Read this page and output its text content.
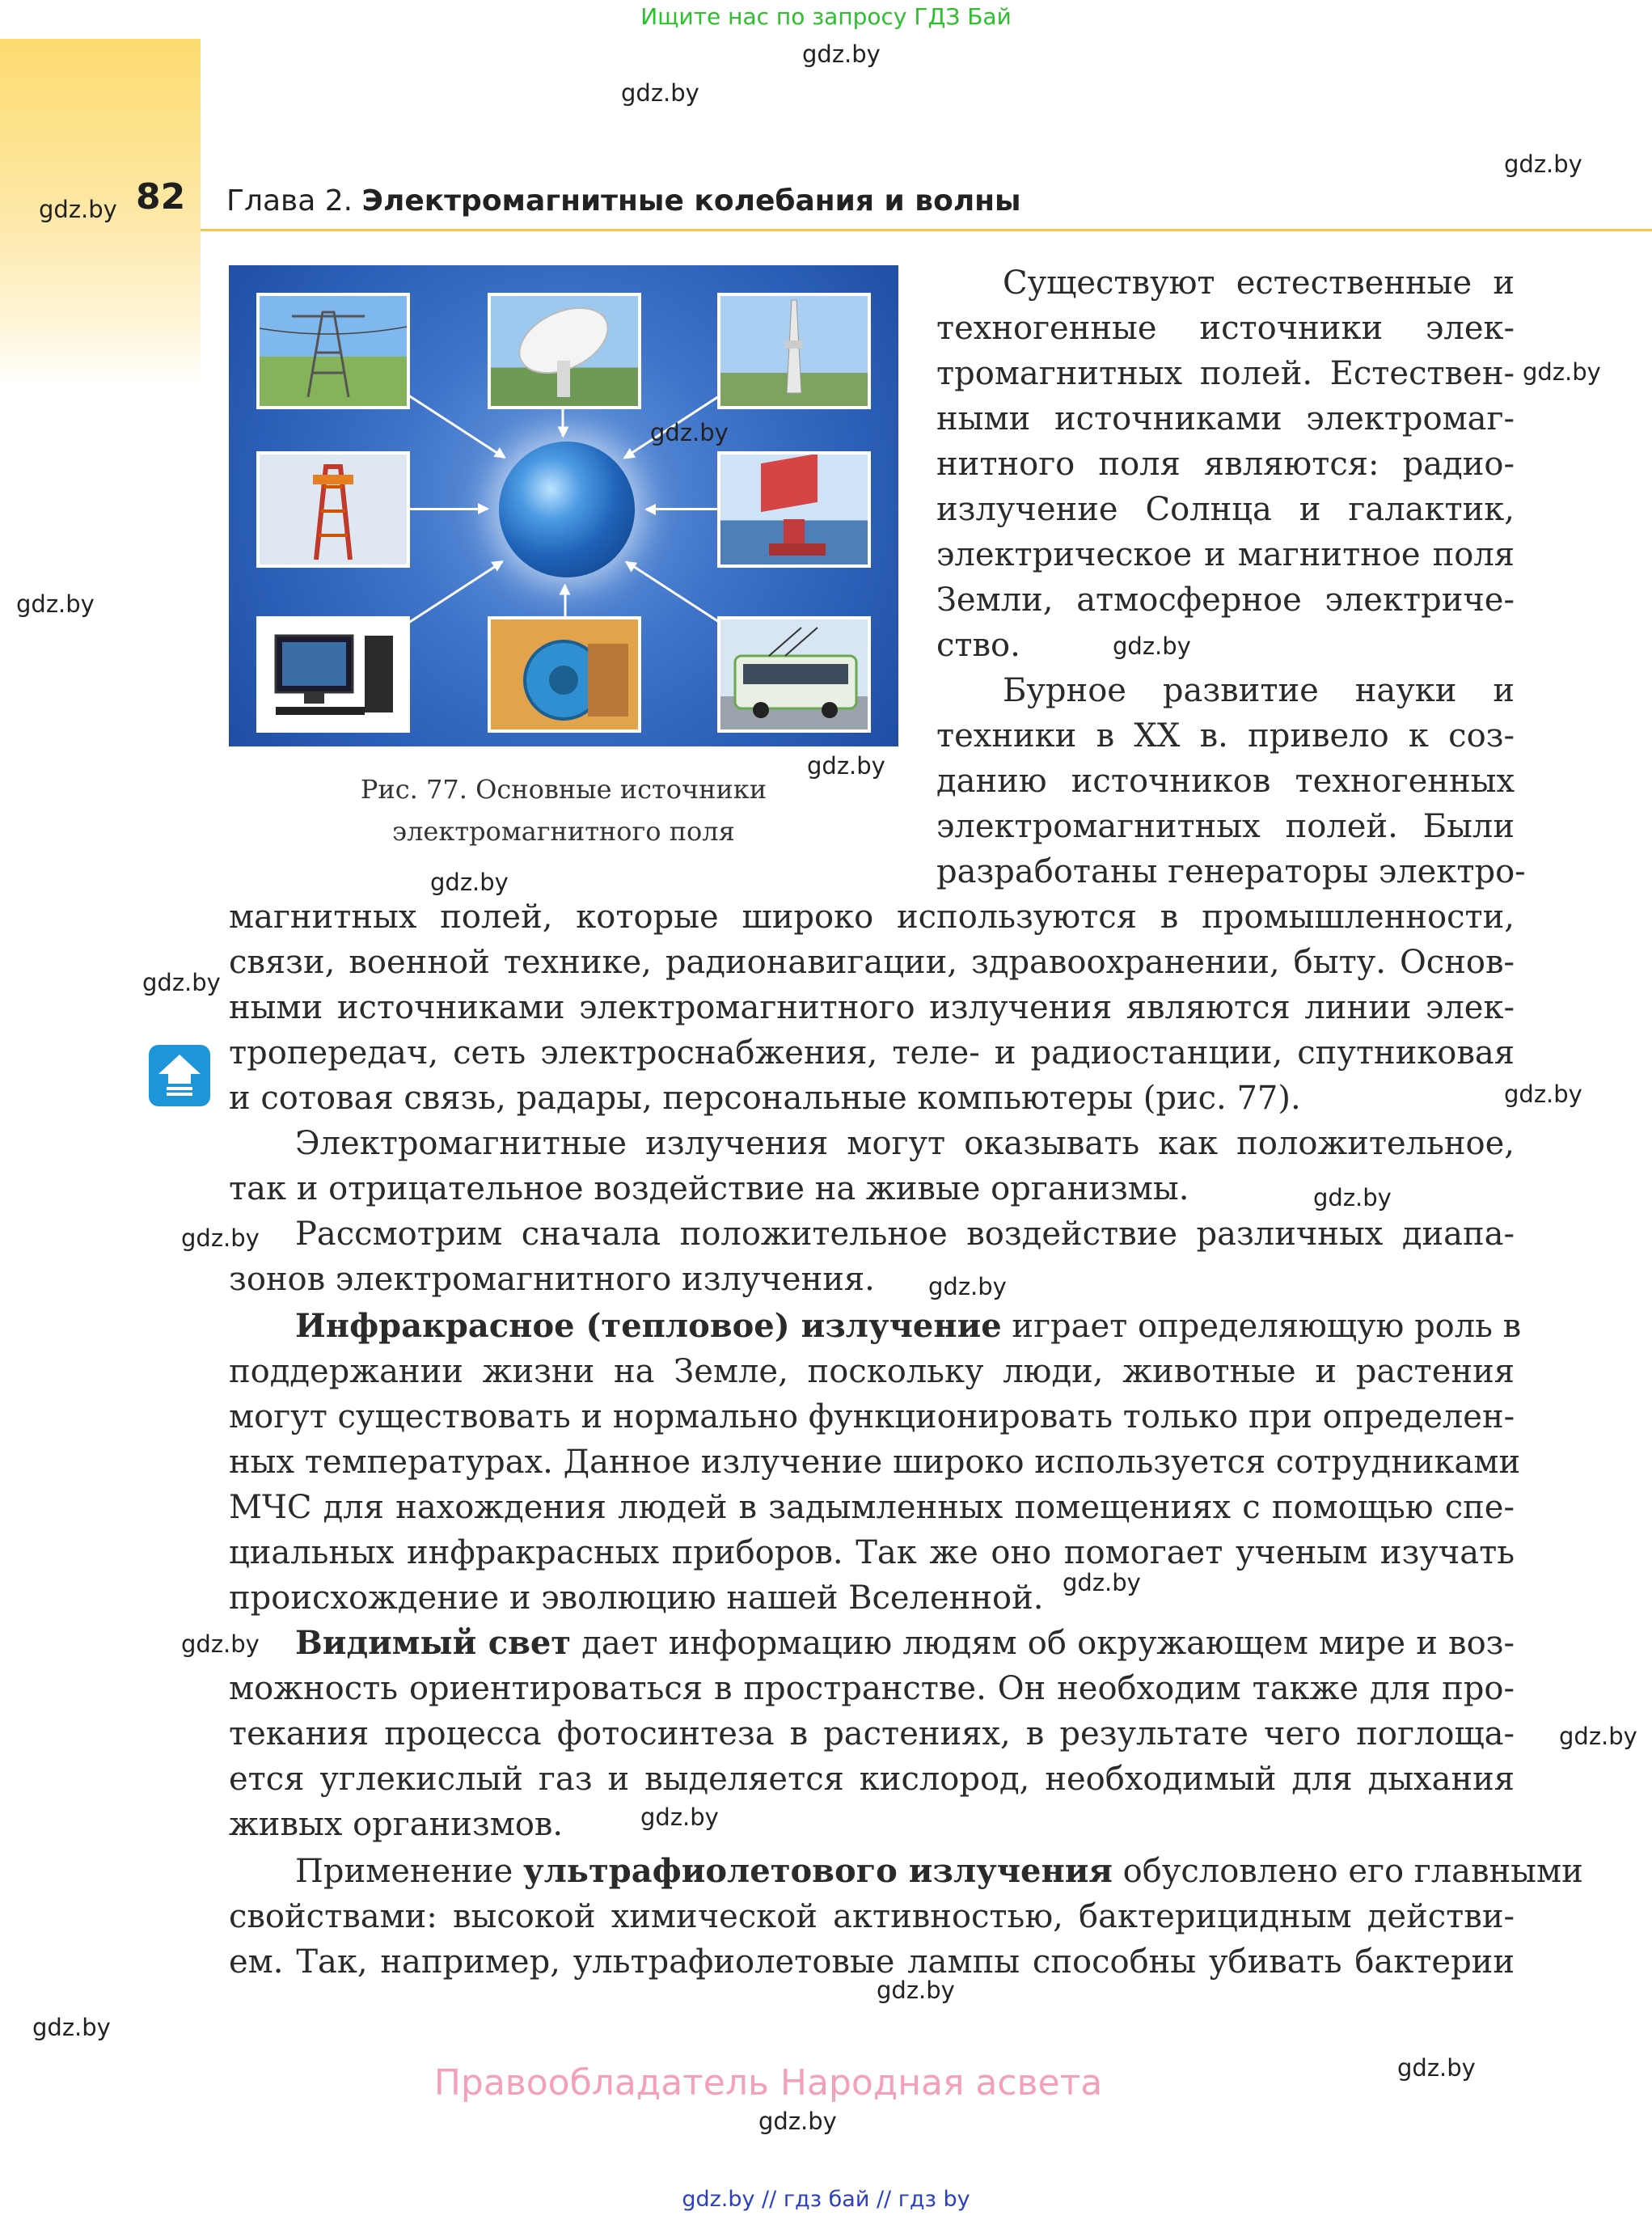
Ищите нас по запросу ГДЗ Бай
82 Глава 2. Электромагнитные колебания и волны
Рис. 77. Основные источники
электромагнитного поля
Существуют естественные и
техногенные источники элек-
тромагнитных полей. Естествен-
ными источниками электромаг-
нитного поля являются: радио-
излучение Солнца и галактик,
электрическое и магнитное поля
Земли, атмосферное электриче-
ство.
Бурное развитие науки и
техники в XX в. привело к соз-
данию источников техногенных
электромагнитных полей. Были
разработаны генераторы электро-
магнитных полей, которые широко используются в промышленности,
связи, военной технике, радионавигации, здравоохранении, быту. Основ-
ными источниками электромагнитного излучения являются линии элек-
тропередач, сеть электроснабжения, теле- и радиостанции, спутниковая
и сотовая связь, радары, персональные компьютеры (рис. 77).
Электромагнитные излучения могут оказывать как положительное,
так и отрицательное воздействие на живые организмы.
Рассмотрим сначала положительное воздействие различных диапа-
зонов электромагнитного излучения.
Инфракрасное (тепловое) излучение играет определяющую роль в
поддержании жизни на Земле, поскольку люди, животные и растения
могут существовать и нормально функционировать только при определен-
ных температурах. Данное излучение широко используется сотрудниками
МЧС для нахождения людей в задымленных помещениях с помощью спе-
циальных инфракрасных приборов. Так же оно помогает ученым изучать
происхождение и эволюцию нашей Вселенной.
Видимый свет дает информацию людям об окружающем мире и воз-
можность ориентироваться в пространстве. Он необходим также для про-
текания процесса фотосинтеза в растениях, в результате чего поглоща-
ется углекислый газ и выделяется кислород, необходимый для дыхания
живых организмов.
Применение ультрафиолетового излучения обусловлено его главными
свойствами: высокой химической активностью, бактерицидным действи-
ем. Так, например, ультрафиолетовые лампы способны убивать бактерии
gdz.by
gdz.by
gdz.by
gdz.by
gdz.by
gdz.by
gdz.by
gdz.by
gdz.by
gdz.by
gdz.by
gdz.by
gdz.by
gdz.by
gdz.by
gdz.by
gdz.by
gdz.by
gdz.by
gdz.by
gdz.by
gdz.by
gdz.by
Правообладатель Народная асвета
gdz.by // гдз бай // гдз by
